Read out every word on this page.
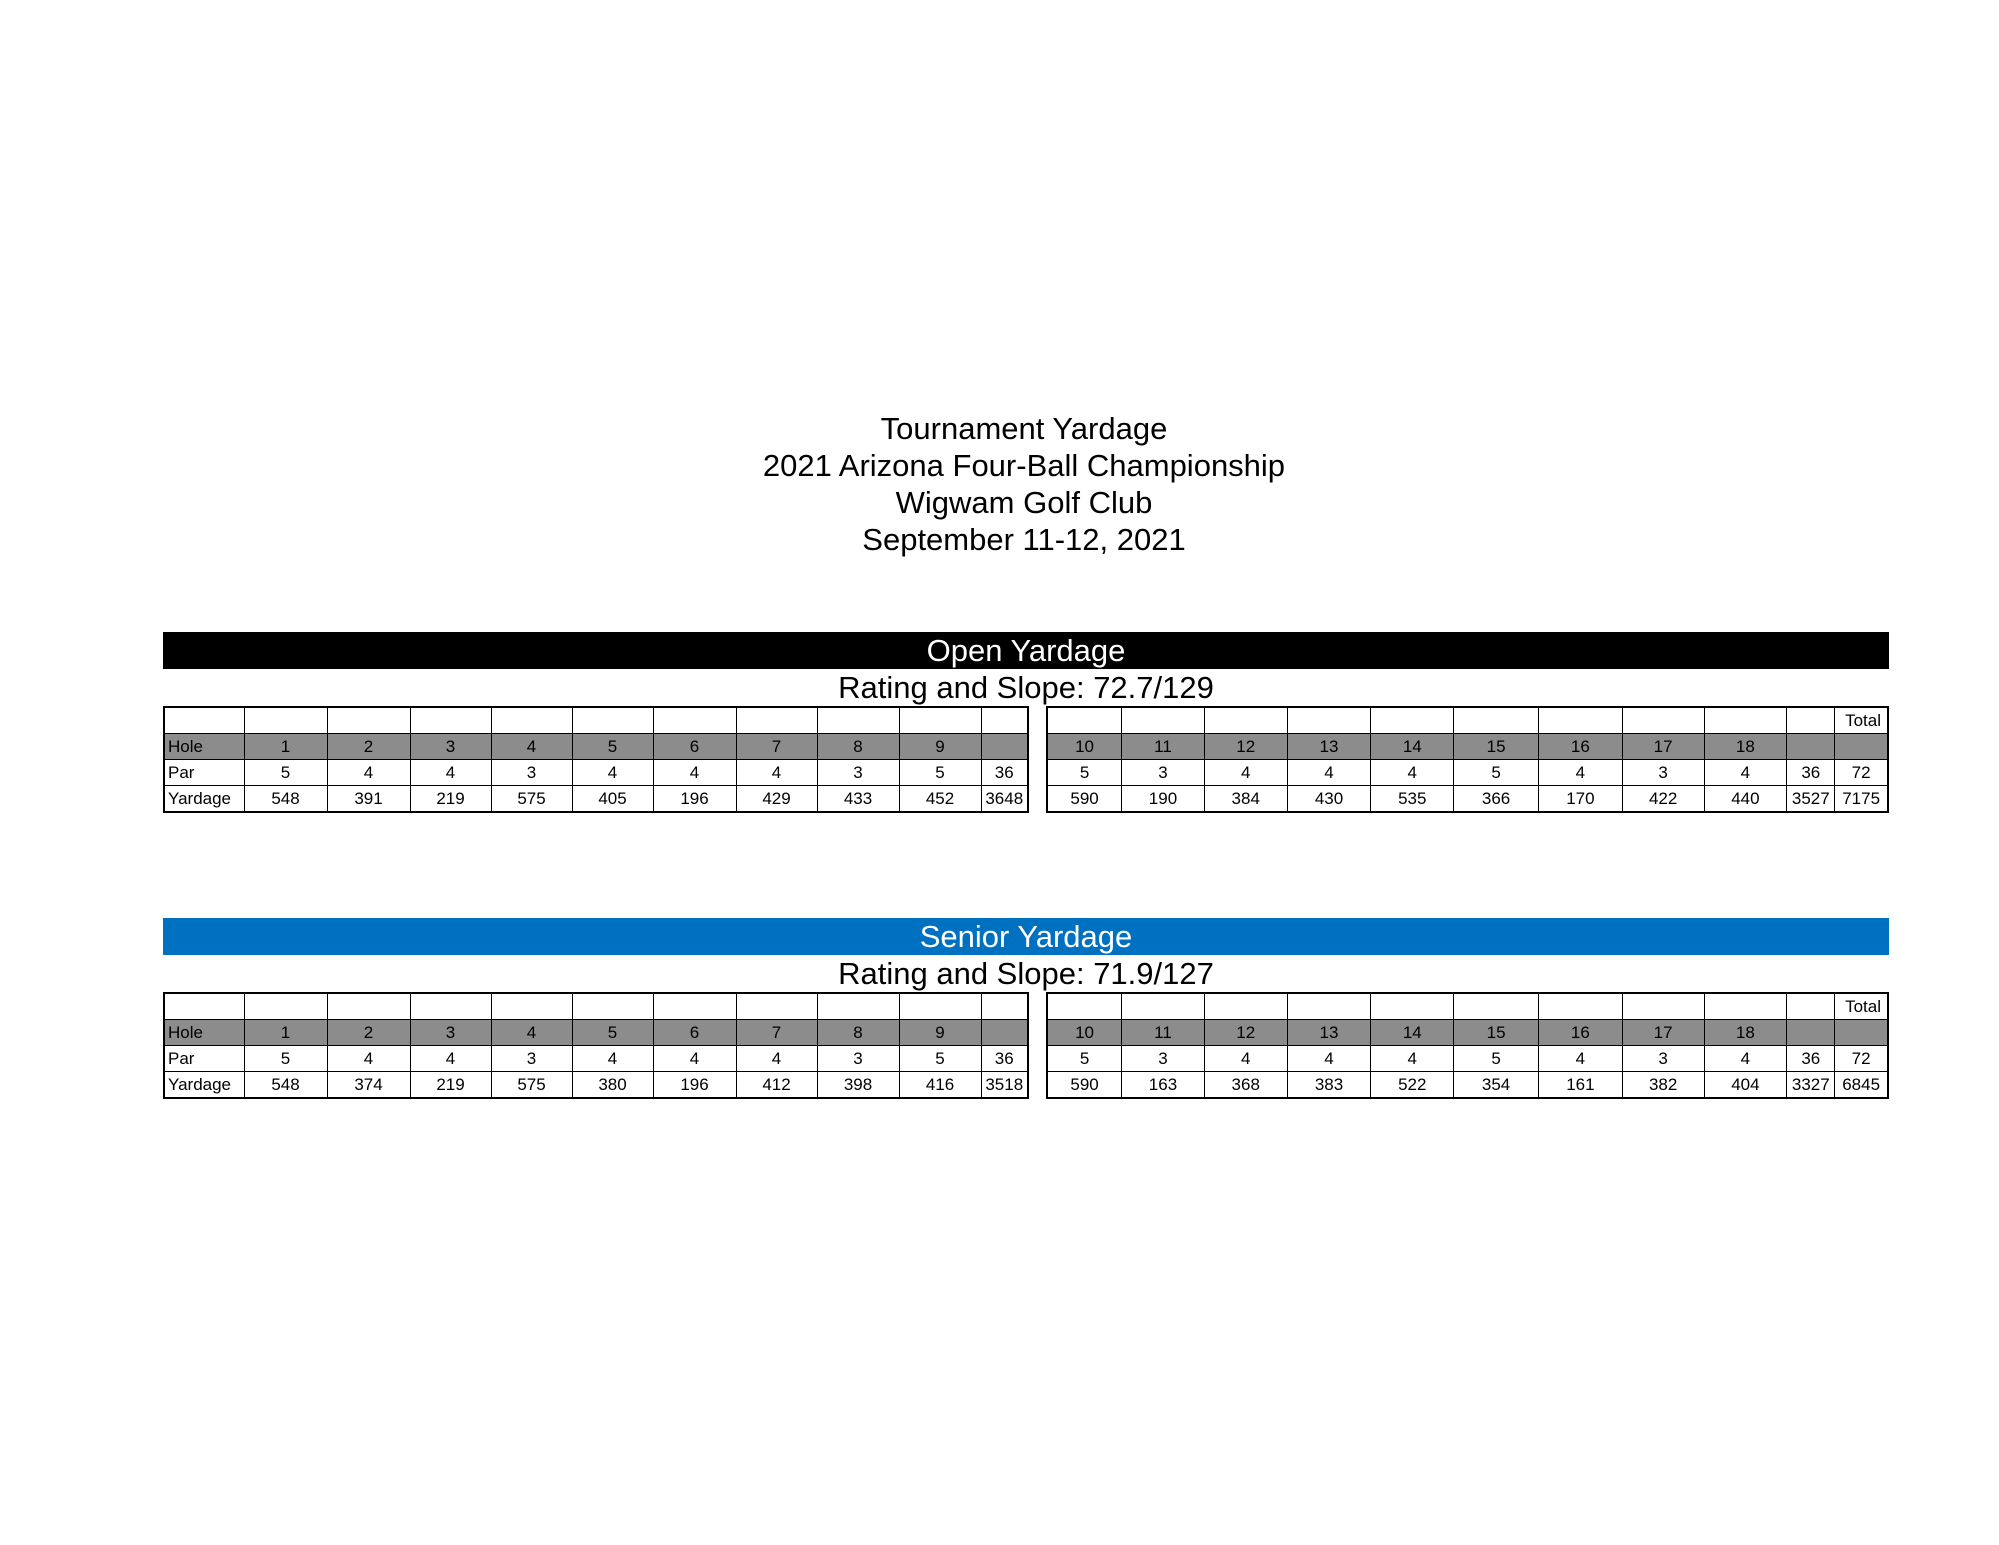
Tournament Yardage
2021 Arizona Four-Ball Championship
Wigwam Golf Club
September 11-12, 2021
Open Yardage
Rating and Slope: 72.7/129

Hole	1	2	3	4	5	6	7	8	9	
Par	5	4	4	3	4	4	4	3	5	36
Yardage	548	391	219	575	405	196	429	433	452	3648
										Total
10	11	12	13	14	15	16	17	18		
5	3	4	4	4	5	4	3	4	36	72
590	190	384	430	535	366	170	422	440	3527	7175
Senior Yardage
Rating and Slope: 71.9/127

Hole	1	2	3	4	5	6	7	8	9	
Par	5	4	4	3	4	4	4	3	5	36
Yardage	548	374	219	575	380	196	412	398	416	3518
										Total
10	11	12	13	14	15	16	17	18		
5	3	4	4	4	5	4	3	4	36	72
590	163	368	383	522	354	161	382	404	3327	6845
